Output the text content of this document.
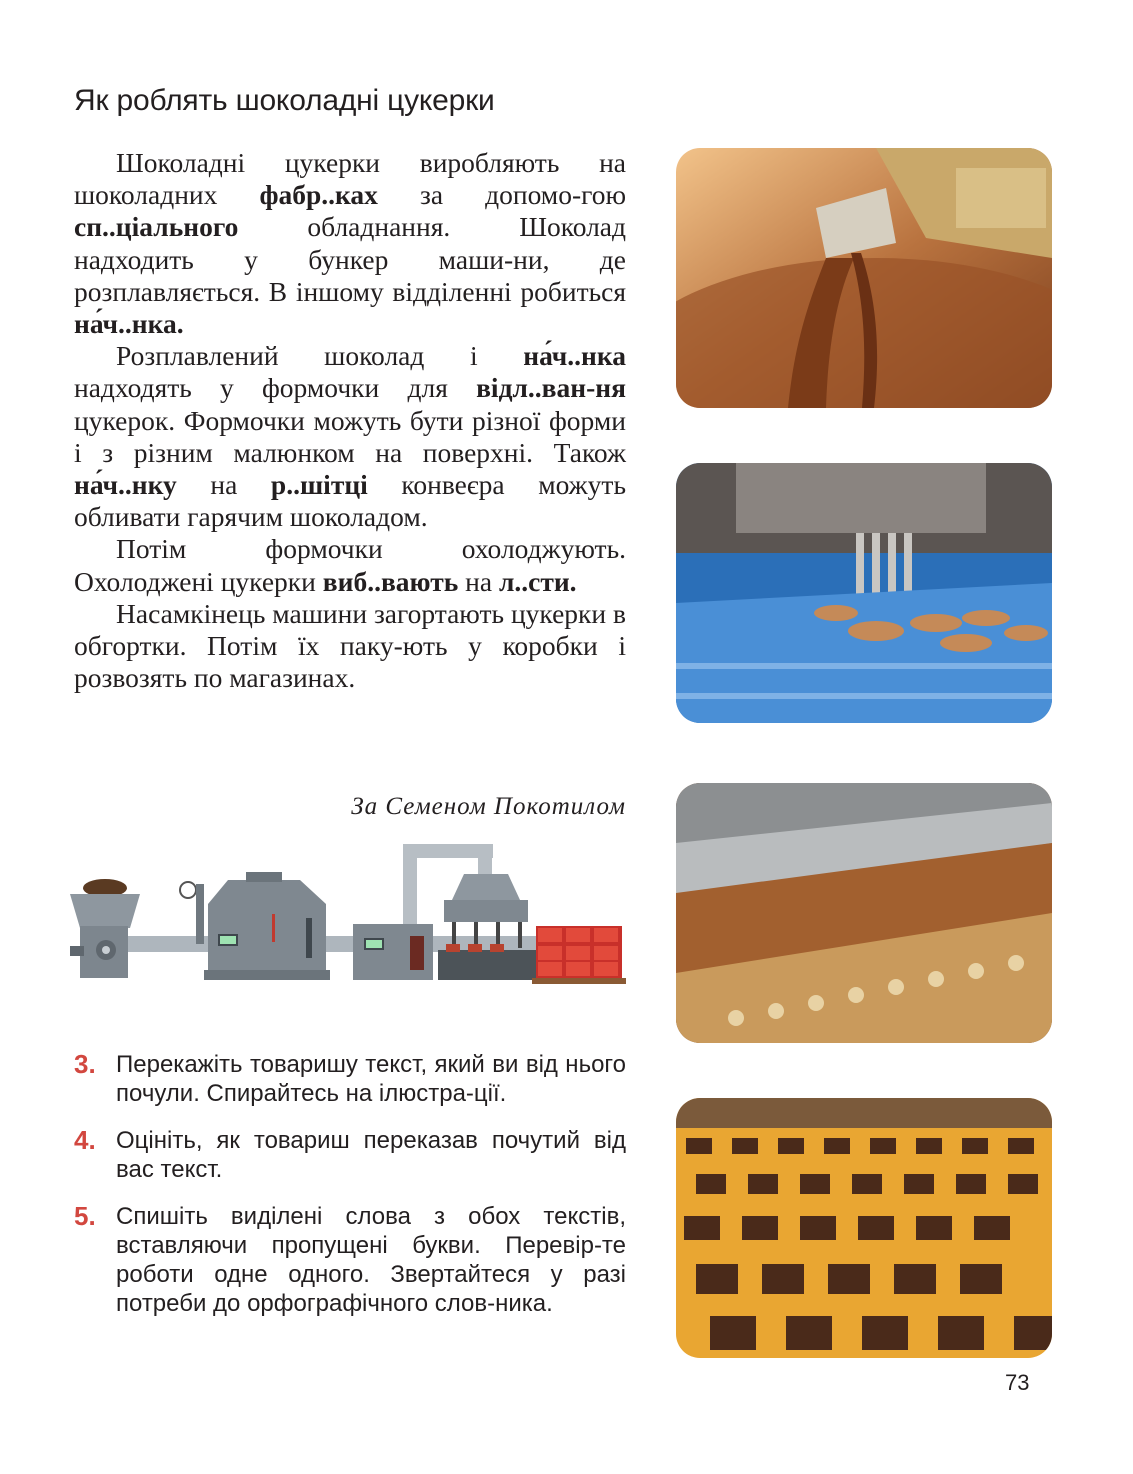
Як роблять шоколадні цукерки

Шоколадні цукерки виробляють на шоколадних фабр..ках за допомо-гою сп..ціального обладнання. Шоколад надходить у бункер маши-ни, де розплавляється. В іншому відділенні робиться на́ч..нка.

Розплавлений шоколад і на́ч..нка надходять у формочки для відл..ван-ня цукерок. Формочки можуть бути різної форми і з різним малюнком на поверхні. Також на́ч..нку на р..шітці конвеєра можуть обливати гарячим шоколадом.

Потім формочки охолоджують. Охолоджені цукерки виб..вають на л..сти.

Насамкінець машини загортають цукерки в обгортки. Потім їх паку-ють у коробки і розвозять по магазинах.

За Семеном Покотилом
3. Перекажіть товаришу текст, який ви від нього почули. Спирайтесь на ілюстра-ції.
4. Оцініть, як товариш переказав почутий від вас текст.
5. Спишіть виділені слова з обох текстів, вставляючи пропущені букви. Перевір-те роботи одне одного. Звертайтеся у разі потреби до орфографічного слов-ника.
73
